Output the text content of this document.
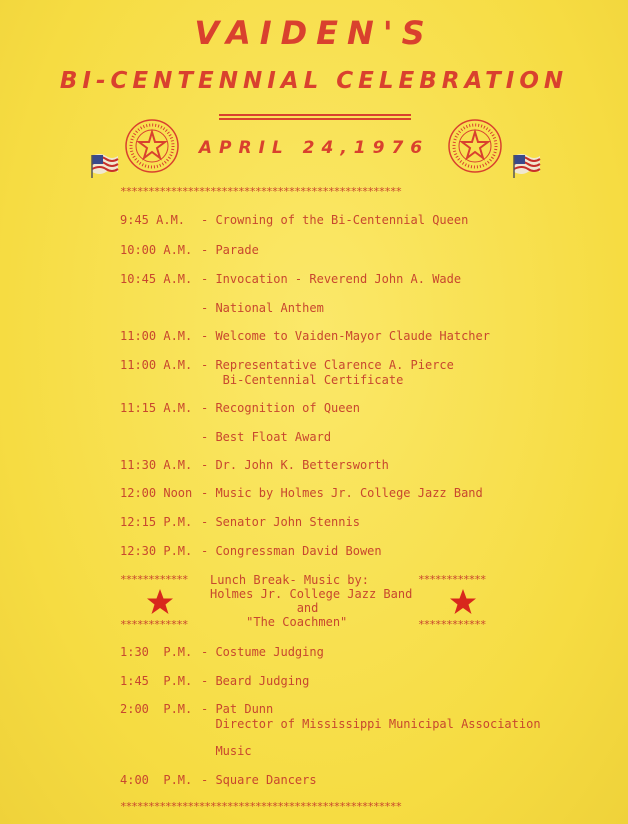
VAIDEN'S
BI-CENTENNIAL CELEBRATION
APRIL 24,1976
**************************************************
9:45 A.M. - Crowning of the Bi-Centennial Queen
10:00 A.M. - Parade
10:45 A.M. - Invocation - Reverend John A. Wade
- National Anthem
11:00 A.M. - Welcome to Vaiden-Mayor Claude Hatcher
11:00 A.M. - Representative Clarence A. Pierce
Bi-Centennial Certificate
11:15 A.M. - Recognition of Queen
- Best Float Award
11:30 A.M. - Dr. John K. Bettersworth
12:00 Noon - Music by Holmes Jr. College Jazz Band
12:15 P.M. - Senator John Stennis
12:30 P.M. - Congressman David Bowen
************	************
************	************
Lunch Break- Music by:
Holmes Jr. College Jazz Band
and
"The Coachmen"
1:30  P.M. - Costume Judging
1:45  P.M. - Beard Judging
2:00  P.M. - Pat Dunn
Director of Mississippi Municipal Association
Music
4:00  P.M. - Square Dancers
**************************************************
